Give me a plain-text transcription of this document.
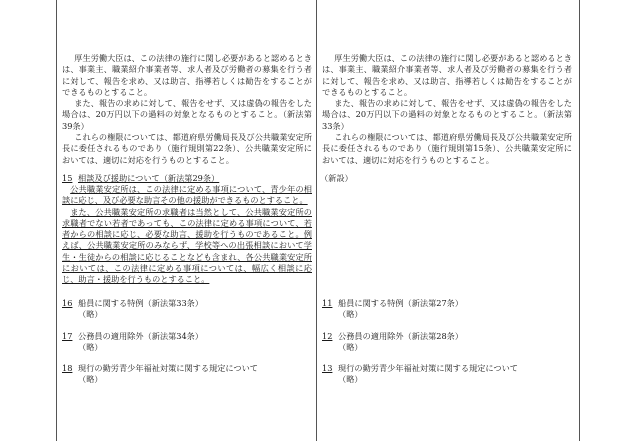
厚生労働大臣は、この法律の施行に関し必要があると認めるときは、事業主、職業紹介事業者等、求人者及び労働者の募集を行う者に対して、報告を求め、又は助言、指導若しくは勧告をすることができるものとすること。

また、報告の求めに対して、報告をせず、又は虚偽の報告をした場合は、20万円以下の過料の対象となるものとすること。（新法第39条）

これらの権限については、都道府県労働局長及び公共職業安定所長に委任されるものであり（施行規則第22条）、公共職業安定所においては、適切に対応を行うものとすること。

15 相談及び援助について（新法第29条）

公共職業安定所は、この法律に定める事項について、青少年の相談に応じ、及び必要な助言その他の援助ができるものとすること。

また、公共職業安定所の求職者は当然として、公共職業安定所の求職者でない若者であっても、この法律に定める事項について、若者からの相談に応じ、必要な助言、援助を行うものであること。例えば、公共職業安定所のみならず、学校等への出張相談において学生・生徒からの相談に応じることなども含まれ、各公共職業安定所においては、この法律に定める事項については、幅広く相談に応じ、助言・援助を行うものとすること。

16 船員に関する特例（新法第33条）
（略）
17 公務員の適用除外（新法第34条）
（略）
18 現行の勤労青少年福祉対策に関する規定について
（略）

厚生労働大臣は、この法律の施行に関し必要があると認めるときは、事業主、職業紹介事業者等、求人者及び労働者の募集を行う者に対して、報告を求め、又は助言、指導若しくは勧告をすることができるものとすること。

また、報告の求めに対して、報告をせず、又は虚偽の報告をした場合は、20万円以下の過料の対象となるものとすること。（新法第33条）

これらの権限については、都道府県労働局長及び公共職業安定所長に委任されるものであり（施行規則第15条）、公共職業安定所においては、適切に対応を行うものとすること。

（新設）
11 船員に関する特例（新法第27条）
（略）
12 公務員の適用除外（新法第28条）
（略）
13 現行の勤労青少年福祉対策に関する規定について
（略）
